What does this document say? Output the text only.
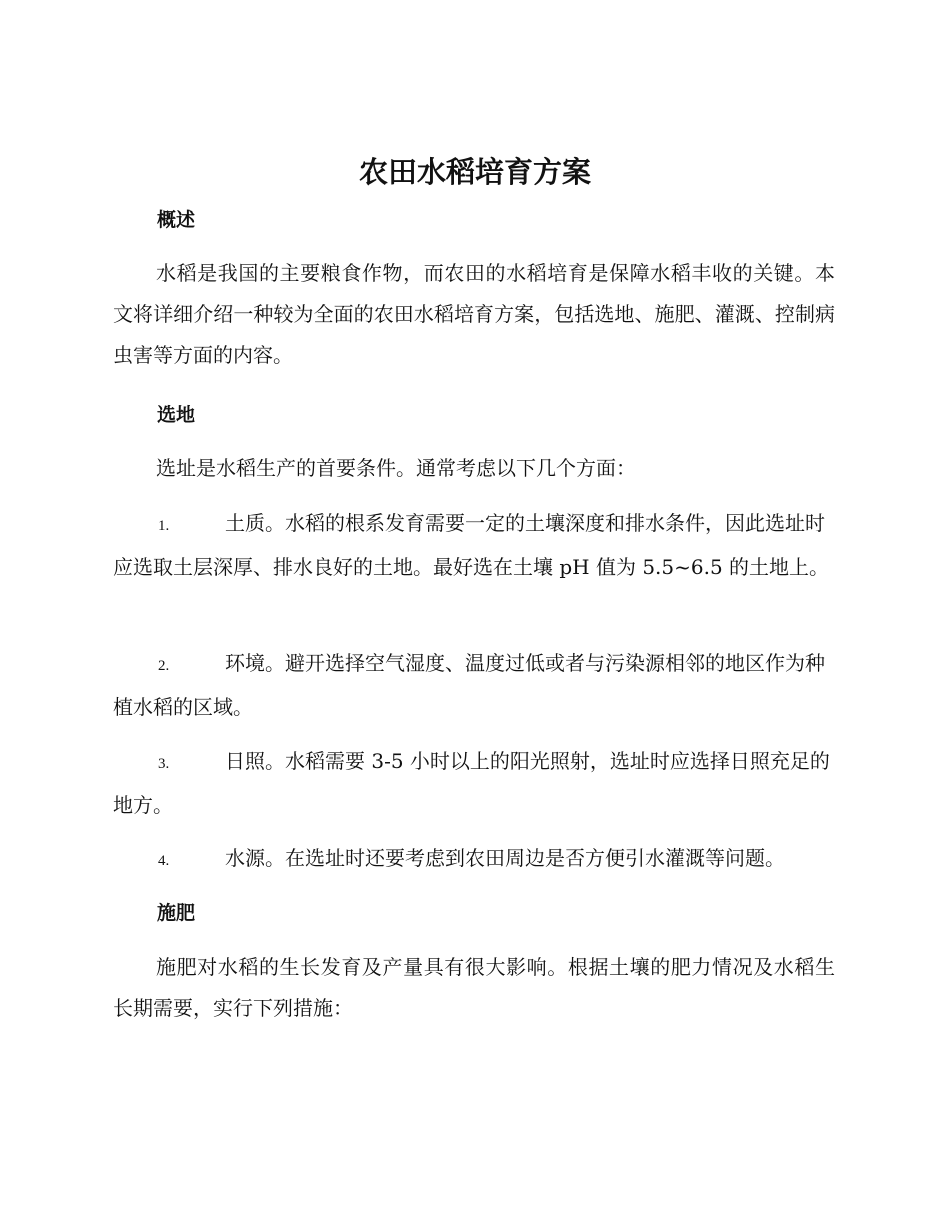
农田水稻培育方案
概述

水稻是我国的主要粮食作物，而农田的水稻培育是保障水稻丰收的关键。本文将详细介绍一种较为全面的农田水稻培育方案，包括选地、施肥、灌溉、控制病虫害等方面的内容。

选地

选址是水稻生产的首要条件。通常考虑以下几个方面：

1.	土质。水稻的根系发育需要一定的土壤深度和排水条件，因此选址时应选取土层深厚、排水良好的土地。最好选在土壤 pH 值为 5.5~6.5 的土地上。

2.	环境。避开选择空气湿度、温度过低或者与污染源相邻的地区作为种植水稻的区域。

3.	日照。水稻需要 3-5 小时以上的阳光照射，选址时应选择日照充足的地方。

4.	水源。在选址时还要考虑到农田周边是否方便引水灌溉等问题。

施肥

施肥对水稻的生长发育及产量具有很大影响。根据土壤的肥力情况及水稻生长期需要，实行下列措施：
